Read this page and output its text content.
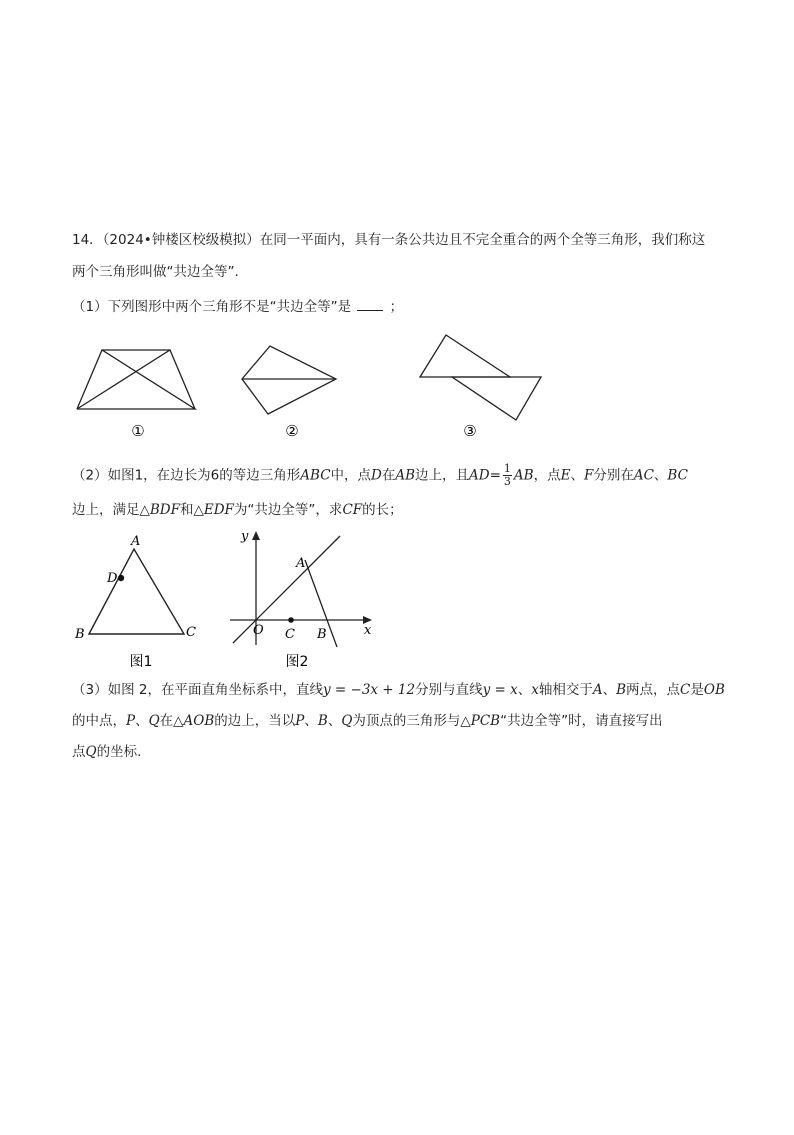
14．（2024•钟楼区校级模拟）在同一平面内，具有一条公共边且不完全重合的两个全等三角形，我们称这
两个三角形叫做“共边全等”.
（1）下列图形中两个三角形不是“共边全等”是	；
①	②	③
A
D
B	C
图1
y
x
O
A
C B
图2
（2）如图1，在边长为6的等边三角形ABC中，点D在AB边上，且$AD= \frac{1}{3}$ AB，点E、F分别在AC、BC
边上，满足△BDF和△EDF为“共边全等”，求CF的长；
（3）如图 2，在平面直角坐标系中，直线y = −3x + 12分别与直线y = x、x轴相交于A、B两点，点C是OB
的中点，P、Q在△AOB的边上，当以P、B、Q为顶点的三角形与△PCB“共边全等”时，请直接写出
点Q的坐标.
